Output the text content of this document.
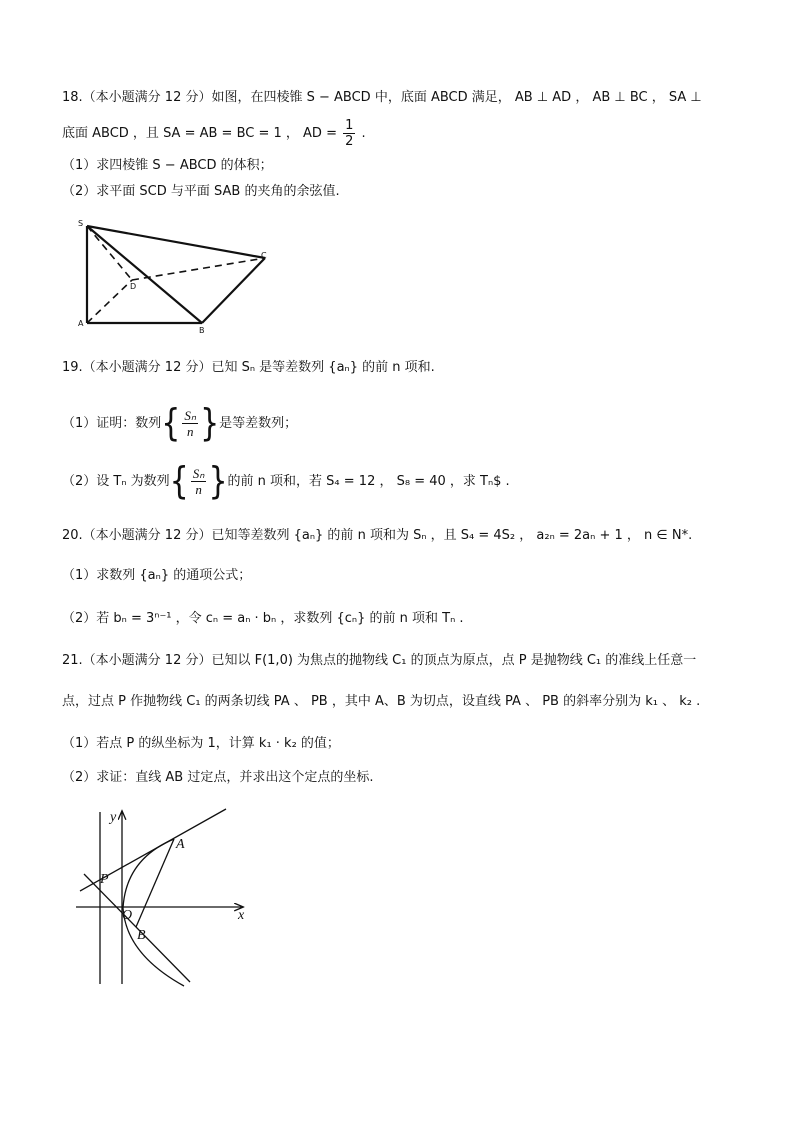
18.（本小题满分 12 分）如图，在四棱锥 S − ABCD 中，底面 ABCD 满足， AB ⊥ AD ， AB ⊥ BC ， SA ⊥
底面 ABCD ，且 SA = AB = BC = 1 ， AD = $\frac{1}{2}$ .
（1）求四棱锥 S − ABCD 的体积；
（2）求平面 SCD 与平面 SAB 的夹角的余弦值.
S
A
B
C
D
19.（本小题满分 12 分）已知 Sₙ 是等差数列 {aₙ} 的前 n 项和.
（1）证明：数列{ $\frac{\text{Sₙ}}{n}$ }是等差数列；
（2）设 Tₙ 为数列{ $\frac{\text{Sₙ}}{n}$ }的前 n 项和，若 S₄ = 12 ， S₈ = 40 ，求 Tₙ$ .
20.（本小题满分 12 分）已知等差数列 {aₙ} 的前 n 项和为 Sₙ ，且 S₄ = 4S₂ ， a₂ₙ = 2aₙ + 1 ， n ∈ N*.
（1）求数列 {aₙ} 的通项公式；
（2）若 bₙ = 3ⁿ⁻¹ ，令 cₙ = aₙ · bₙ ，求数列 {cₙ} 的前 n 项和 Tₙ .
21.（本小题满分 12 分）已知以 F(1,0) 为焦点的抛物线 C₁ 的顶点为原点，点 P 是抛物线 C₁ 的准线上任意一
点，过点 P 作抛物线 C₁ 的两条切线 PA 、 PB ，其中 A、B 为切点，设直线 PA 、 PB 的斜率分别为 k₁ 、 k₂ .
（1）若点 P 的纵坐标为 1，计算 k₁ · k₂ 的值；
（2）求证：直线 AB 过定点，并求出这个定点的坐标.
y
x
O
P
A
B
